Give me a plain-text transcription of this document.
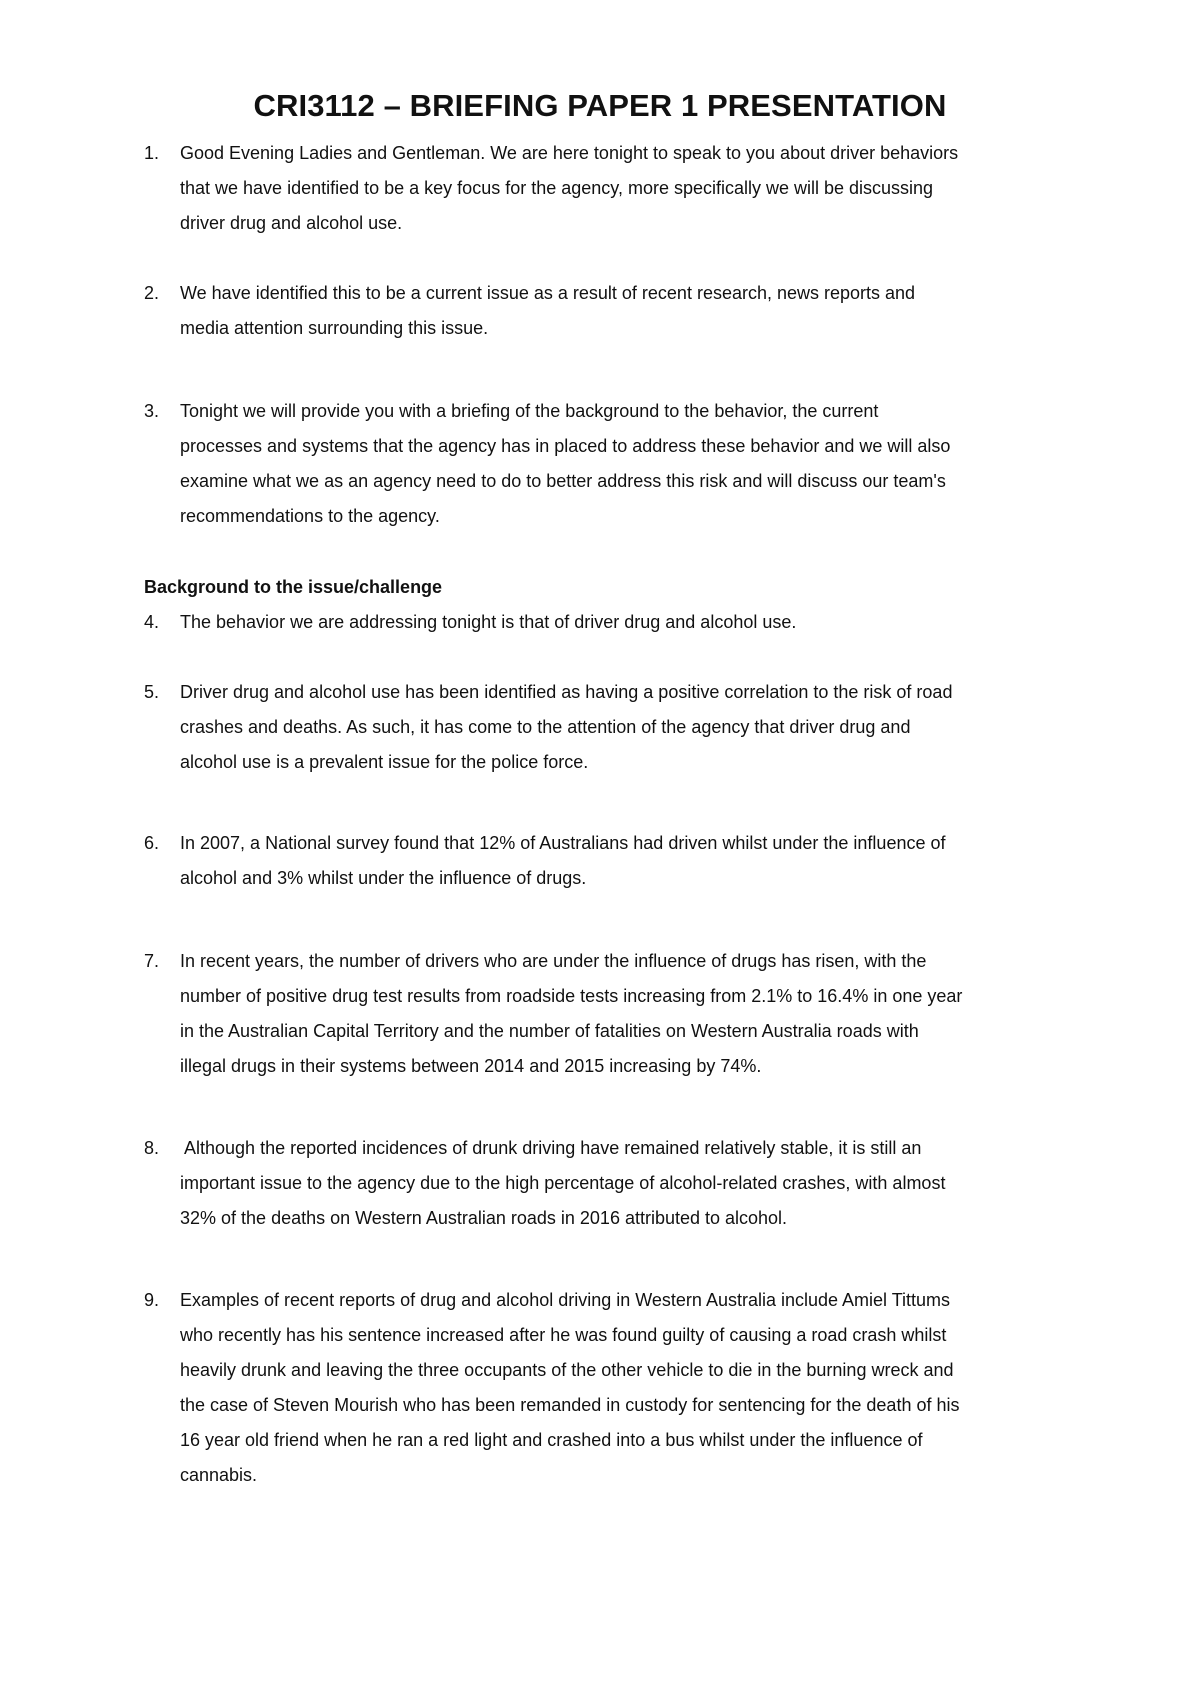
CRI3112 – BRIEFING PAPER 1 PRESENTATION
1.	Good Evening Ladies and Gentleman. We are here tonight to speak to you about driver behaviors
that we have identified to be a key focus for the agency, more specifically we will be discussing
driver drug and alcohol use.
2.	We have identified this to be a current issue as a result of recent research, news reports and
media attention surrounding this issue.
3.	Tonight we will provide you with a briefing of the background to the behavior, the current
processes and systems that the agency has in placed to address these behavior and we will also
examine what we as an agency need to do to better address this risk and will discuss our team's
recommendations to the agency.
Background to the issue/challenge
4.	The behavior we are addressing tonight is that of driver drug and alcohol use.
5.	Driver drug and alcohol use has been identified as having a positive correlation to the risk of road
crashes and deaths. As such, it has come to the attention of the agency that driver drug and
alcohol use is a prevalent issue for the police force.
6.	In 2007, a National survey found that 12% of Australians had driven whilst under the influence of
alcohol and 3% whilst under the influence of drugs.
7.	In recent years, the number of drivers who are under the influence of drugs has risen, with the
number of positive drug test results from roadside tests increasing from 2.1% to 16.4% in one year
in the Australian Capital Territory and the number of fatalities on Western Australia roads with
illegal drugs in their systems between 2014 and 2015 increasing by 74%.
8.	Although the reported incidences of drunk driving have remained relatively stable, it is still an
important issue to the agency due to the high percentage of alcohol-related crashes, with almost
32% of the deaths on Western Australian roads in 2016 attributed to alcohol.
9.	Examples of recent reports of drug and alcohol driving in Western Australia include Amiel Tittums
who recently has his sentence increased after he was found guilty of causing a road crash whilst
heavily drunk and leaving the three occupants of the other vehicle to die in the burning wreck and
the case of Steven Mourish who has been remanded in custody for sentencing for the death of his
16 year old friend when he ran a red light and crashed into a bus whilst under the influence of
cannabis.
